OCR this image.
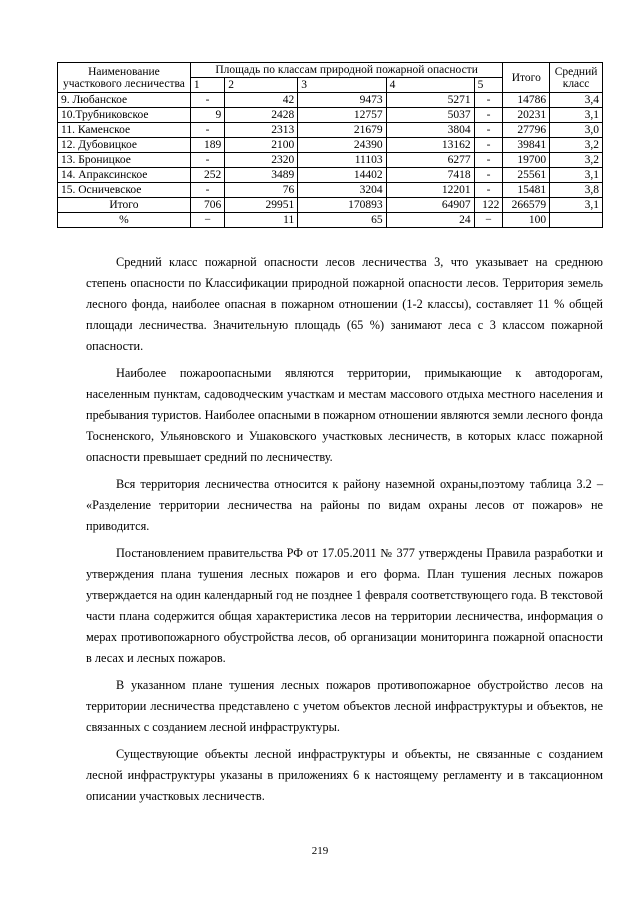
Наименование участкового лесничества	Площадь по классам природной пожарной опасности					Итого	Средний класс
	1	2	3	4	5		
9. Любанское	-	42	9473	5271	-	14786	3,4
10.Трубниковское	9	2428	12757	5037	-	20231	3,1
11. Каменское	-	2313	21679	3804	-	27796	3,0
12. Дубовицкое	189	2100	24390	13162	-	39841	3,2
13. Броницкое	-	2320	11103	6277	-	19700	3,2
14. Апраксинское	252	3489	14402	7418	-	25561	3,1
15. Осничевское	-	76	3204	12201	-	15481	3,8
Итого	706	29951	170893	64907	122	266579	3,1
%	−	11	65	24	−	100	

Средний класс пожарной опасности лесов лесничества 3, что указывает на среднюю степень опасности по Классификации природной пожарной опасности лесов. Территория земель лесного фонда, наиболее опасная в пожарном отношении (1-2 классы), составляет 11 % общей площади лесничества. Значительную площадь (65 %) занимают леса с 3 классом пожарной опасности.

Наиболее пожароопасными являются территории, примыкающие к автодорогам, населенным пунктам, садоводческим участкам и местам массового отдыха местного населения и пребывания туристов. Наиболее опасными в пожарном отношении являются земли лесного фонда Тосненского, Ульяновского и Ушаковского участковых лесничеств, в которых класс пожарной опасности превышает средний по лесничеству.

Вся территория лесничества относится к району наземной охраны,поэтому таблица 3.2 – «Разделение территории лесничества на районы по видам охраны лесов от пожаров» не приводится.

Постановлением правительства РФ от 17.05.2011 № 377 утверждены Правила разработки и утверждения плана тушения лесных пожаров и его форма. План тушения лесных пожаров утверждается на один календарный год не позднее 1 февраля соответствующего года. В текстовой части плана содержится общая характеристика лесов на территории лесничества, информация о мерах противопожарного обустройства лесов, об организации мониторинга пожарной опасности в лесах и лесных пожаров.

В указанном плане тушения лесных пожаров противопожарное обустройство лесов на территории лесничества представлено с учетом объектов лесной инфраструктуры и объектов, не связанных с созданием лесной инфраструктуры.

Существующие объекты лесной инфраструктуры и объекты, не связанные с созданием лесной инфраструктуры указаны в приложениях 6 к настоящему регламенту и в таксационном описании участковых лесничеств.

219
